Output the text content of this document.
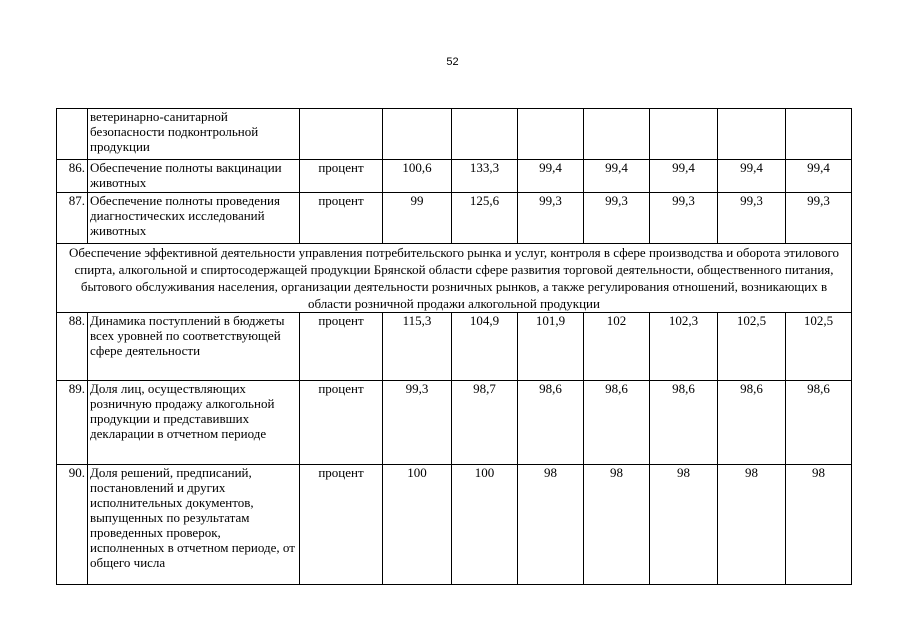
52
	ветеринарно-санитарной безопасности подконтрольной продукции								
86.	Обеспечение полноты вакцинации животных	процент	100,6	133,3	99,4	99,4	99,4	99,4	99,4
87.	Обеспечение полноты проведения диагностических исследований животных	процент	99	125,6	99,3	99,3	99,3	99,3	99,3
Обеспечение эффективной деятельности управления потребительского рынка и услуг, контроля в сфере производства и оборота этилового спирта, алкогольной и спиртосодержащей продукции Брянской области сфере развития торговой деятельности, общественного питания, бытового обслуживания населения, организации деятельности розничных рынков, а также регулирования отношений, возникающих в области розничной продажи алкогольной продукции									
88.	Динамика поступлений в бюджеты всех уровней по соответствующей сфере деятельности	процент	115,3	104,9	101,9	102	102,3	102,5	102,5
89.	Доля лиц, осуществляющих розничную продажу алкогольной продукции и представивших декларации в отчетном периоде	процент	99,3	98,7	98,6	98,6	98,6	98,6	98,6
90.	Доля решений, предписаний, постановлений и других исполнительных документов, выпущенных по результатам проведенных проверок, исполненных в отчетном периоде, от общего числа	процент	100	100	98	98	98	98	98
